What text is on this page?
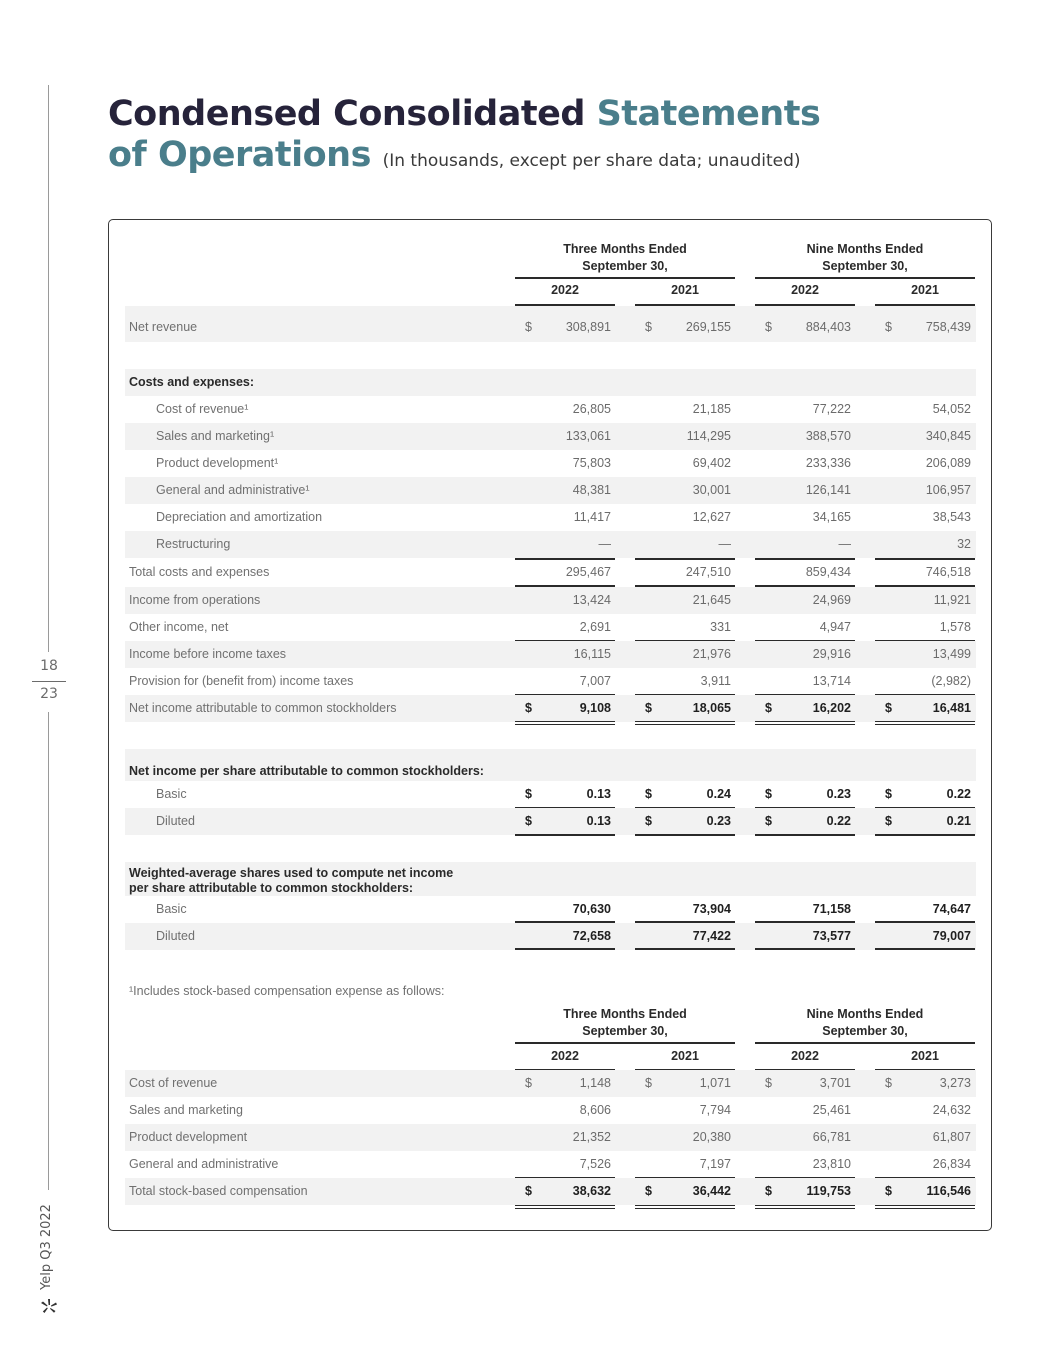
18
23
Yelp Q3 2022
Condensed Consolidated Statements of Operations (In thousands, except per share data; unaudited)
Three Months Ended
September 30,
Nine Months Ended
September 30,
2022	2021	2022	2021
Net revenue	$	308,891	$	269,155	$	884,403	$	758,439
Costs and expenses:
Cost of revenue¹	26,805	21,185	77,222	54,052
Sales and marketing¹	133,061	114,295	388,570	340,845
Product development¹	75,803	69,402	233,336	206,089
General and administrative¹	48,381	30,001	126,141	106,957
Depreciation and amortization	11,417	12,627	34,165	38,543
Restructuring	—	—	—	32
Total costs and expenses	295,467	247,510	859,434	746,518
Income from operations	13,424	21,645	24,969	11,921
Other income, net	2,691	331	4,947	1,578
Income before income taxes	16,115	21,976	29,916	13,499
Provision for (benefit from) income taxes	7,007	3,911	13,714	(2,982)
Net income attributable to common stockholders	$	9,108	$	18,065	$	16,202	$	16,481
Net income per share attributable to common stockholders:
Basic	$	0.13	$	0.24	$	0.23	$	0.22
Diluted	$	0.13	$	0.23	$	0.22	$	0.21
Weighted-average shares used to compute net income
per share attributable to common stockholders:
Basic	70,630	73,904	71,158	74,647
Diluted	72,658	77,422	73,577	79,007
¹Includes stock-based compensation expense as follows:
Three Months Ended
September 30,
Nine Months Ended
September 30,
2022	2021	2022	2021
Cost of revenue	$	1,148	$	1,071	$	3,701	$	3,273
Sales and marketing	8,606	7,794	25,461	24,632
Product development	21,352	20,380	66,781	61,807
General and administrative	7,526	7,197	23,810	26,834
Total stock-based compensation	$	38,632	$	36,442	$	119,753	$	116,546
